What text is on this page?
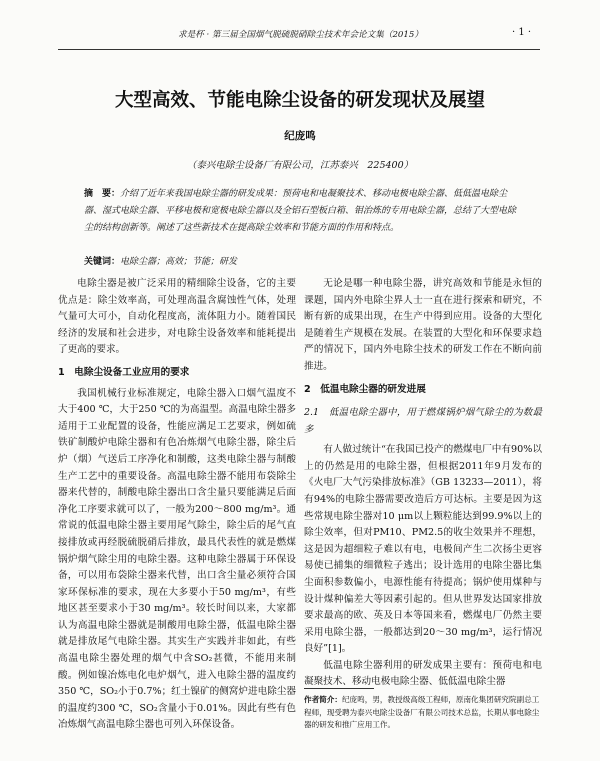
求是杯 · 第三届全国烟气脱硫脱硝除尘技术年会论文集（2015）	· 1 ·
大型高效、节能电除尘设备的研发现状及展望
纪庞鸣
（泰兴电除尘设备厂有限公司，江苏泰兴　225400）
摘　要：介绍了近年来我国电除尘器的研发成果：预荷电和电凝聚技术、移动电极电除尘器、低低温电除尘器、湿式电除尘器、平移电极和宽极电除尘器以及全铝石型板白箱、钼治炼的专用电除尘器，总结了大型电除尘的结构创新等。阐述了这些新技术在提高除尘效率和节能方面的作用和特点。
关键词：电除尘器；高效；节能；研发

电除尘器是被广泛采用的精细除尘设备，它的主要优点是：除尘效率高，可处理高温含腐蚀性气体，处理气量可大可小，自动化程度高，流体阻力小。随着国民经济的发展和社会进步，对电除尘设备效率和能耗提出了更高的要求。

1　电除尘设备工业应用的要求

我国机械行业标准规定，电除尘器入口烟气温度不大于400 ℃，大于250 ℃的为高温型。高温电除尘器多适用于工业配置的设备，性能应满足工艺要求，例如硫铁矿制酸炉电除尘器和有色冶炼烟气电除尘器，除尘后炉（烟）气送后工序净化和制酸，这类电除尘器与制酸生产工艺中的重要设备。高温电除尘器不能用布袋除尘器来代替的，制酸电除尘器出口含尘量只要能满足后面净化工序要求就可以了，一般为200～800 mg/m³。通常说的低温电除尘器主要用尾气除尘，除尘后的尾气直接排放或再经脱硫脱硝后排放，最具代表性的就是燃煤锅炉烟气除尘用的电除尘器。这种电除尘器属于环保设备，可以用布袋除尘器来代替，出口含尘量必须符合国家环保标准的要求，现在大多要小于50 mg/m³，有些地区甚至要求小于30 mg/m³。较长时间以来，大家都认为高温电除尘器就是制酸用电除尘器，低温电除尘器就是排放尾气电除尘器。其实生产实践并非如此，有些高温电除尘器处理的烟气中含SO₂甚微，不能用来制酸。例如镍冶炼电化电炉烟气，进入电除尘器的温度约350 ℃，SO₂小于0.7%；红土镍矿的侧窝炉进电除尘器的温度约300 ℃，SO₂含量小于0.01%。因此有些有色冶炼烟气高温电除尘器也可列入环保设备。

无论是哪一种电除尘器，讲究高效和节能是永恒的课题，国内外电除尘界人士一直在进行探索和研究，不断有新的成果出现，在生产中得到应用。设备的大型化是随着生产规模在发展。在装置的大型化和环保要求趋严的情况下，国内外电除尘技术的研发工作在不断向前推进。

2　低温电除尘器的研发进展
2.1　低温电除尘器中，用于燃煤锅炉烟气除尘的为数最多

有人做过统计“在我国已投产的燃煤电厂中有90%以上的仍然是用的电除尘器，但根据2011年9月发布的《火电厂大气污染排放标准》（GB 13233—2011），将有94%的电除尘器需要改造后方可达标。主要是因为这些常规电除尘器对10 μm以上颗粒能达到99.9%以上的除尘效率，但对PM10、PM2.5的收尘效果并不理想，这是因为超细粒子难以有电，电极间产生二次扬尘更容易使已捕集的细微粒子逃出；设计选用的电除尘器比集尘面积参数偏小，电源性能有待提高；锅炉使用煤种与设计煤种偏差大等因素引起的。但从世界发达国家排放要求最高的欧、英及日本等国来看，燃煤电厂仍然主要采用电除尘器，一般都达到20～30 mg/m³，运行情况良好”[1]。

低温电除尘器利用的研发成果主要有：预荷电和电凝聚技术、移动电极电除尘器、低低温电除尘器

作者简介：纪庞鸣，男，教授级高级工程师，原南化集团研究院副总工程师，现受聘为泰兴电除尘设备厂有限公司技术总监，长期从事电除尘器的研发和推广应用工作。
